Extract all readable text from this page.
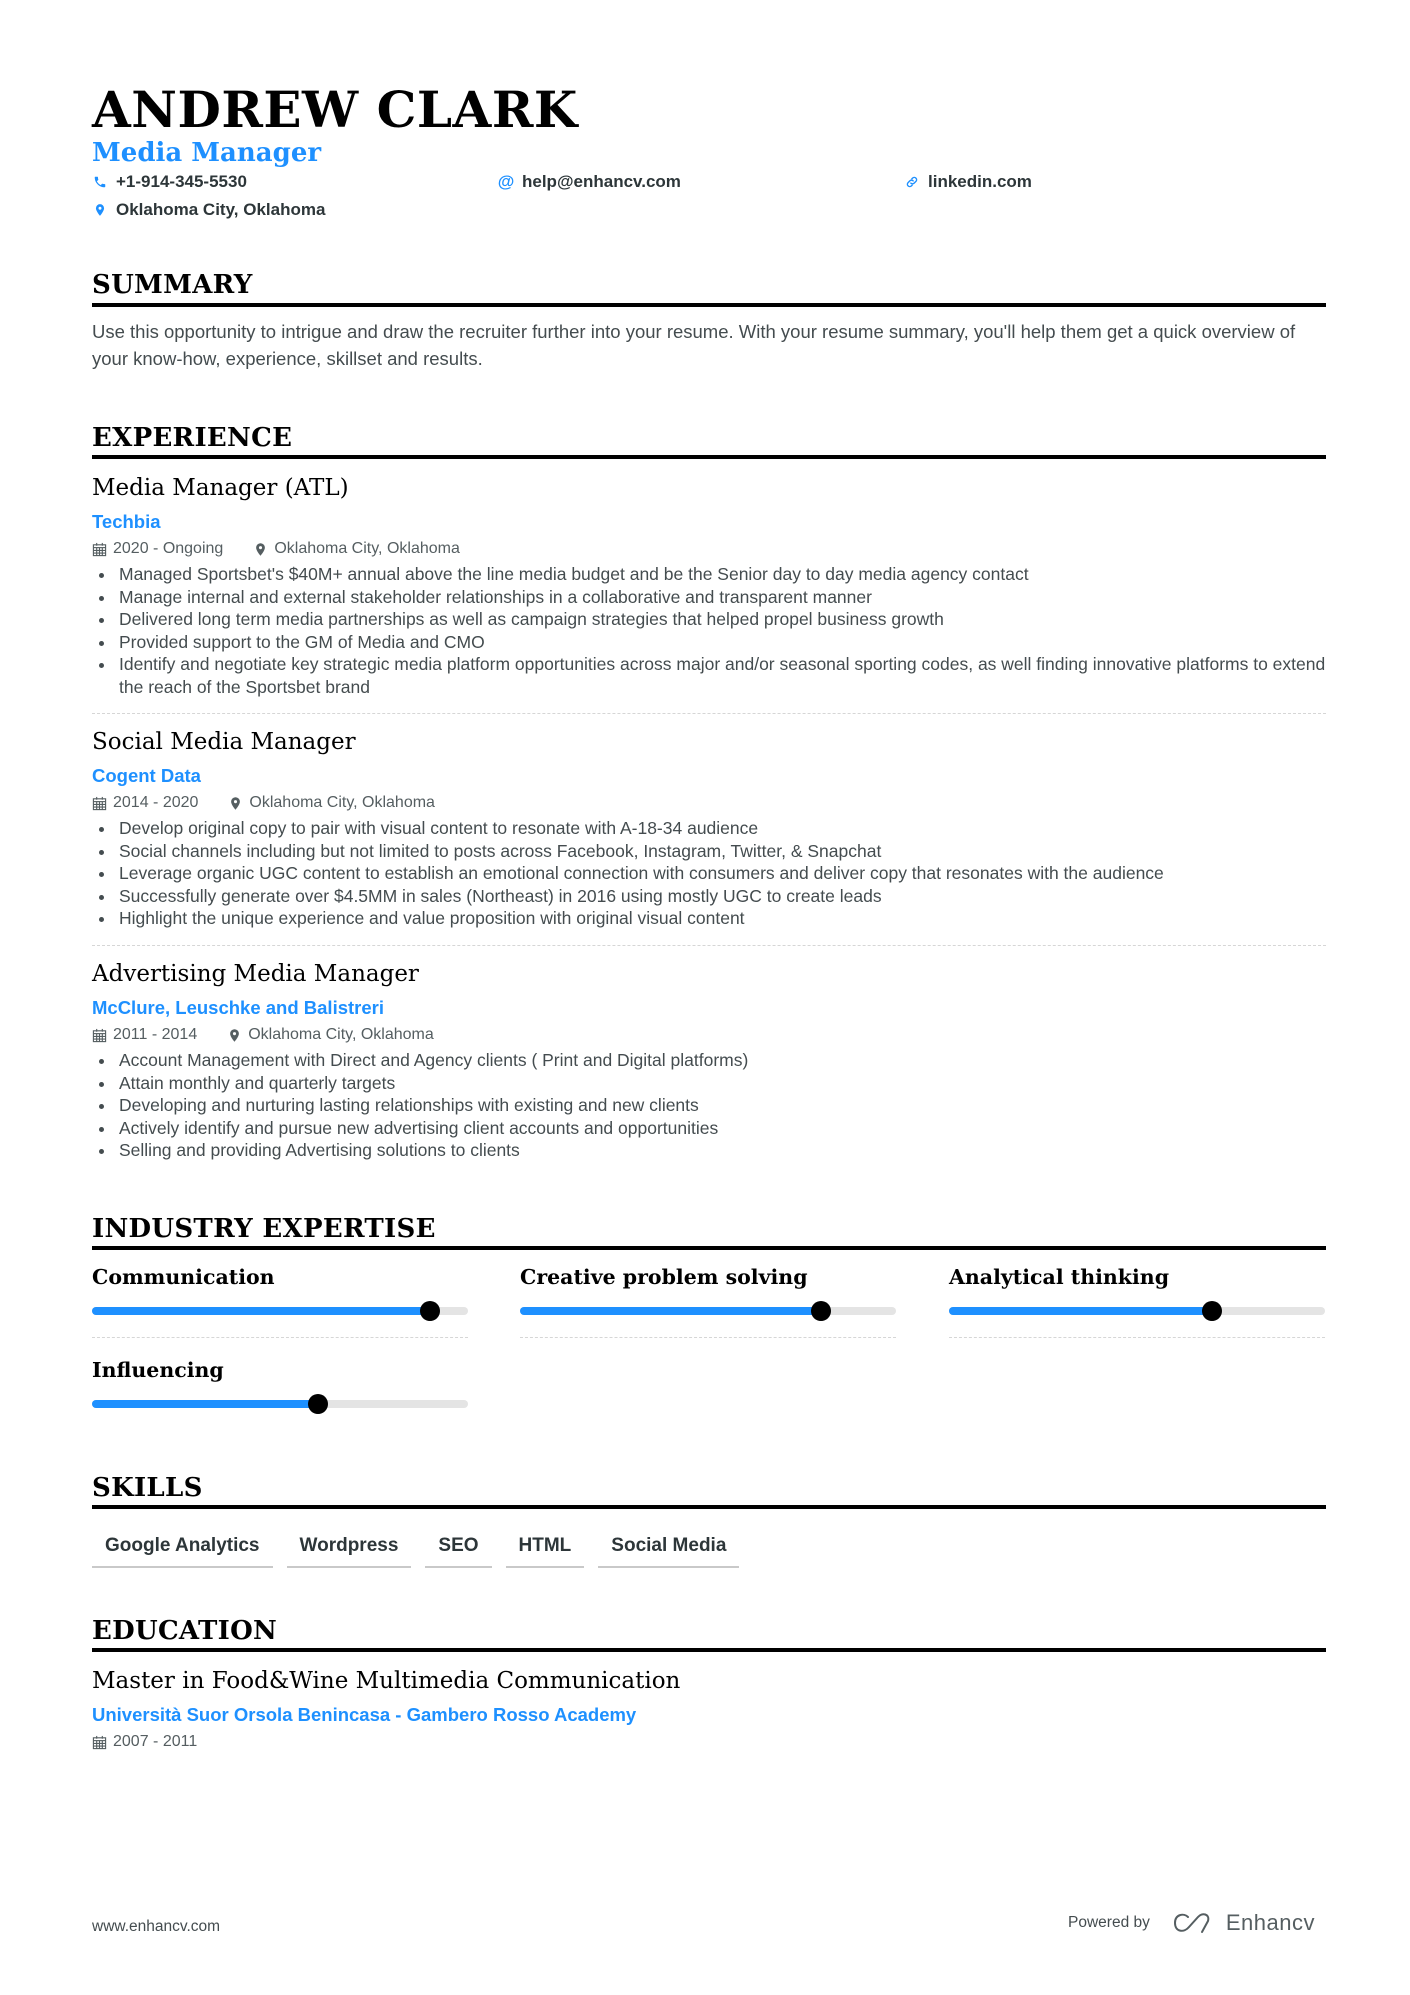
ANDREW CLARK
Media Manager
+1-914-345-5530	@ help@enhancv.com	linkedin.com
Oklahoma City, Oklahoma
SUMMARY
Use this opportunity to intrigue and draw the recruiter further into your resume. With your resume summary, you'll help them get a quick overview of your know-how, experience, skillset and results.
EXPERIENCE
Media Manager (ATL)
Techbia
2020 - Ongoing	Oklahoma City, Oklahoma
Managed Sportsbet's $40M+ annual above the line media budget and be the Senior day to day media agency contact
Manage internal and external stakeholder relationships in a collaborative and transparent manner
Delivered long term media partnerships as well as campaign strategies that helped propel business growth
Provided support to the GM of Media and CMO
Identify and negotiate key strategic media platform opportunities across major and/or seasonal sporting codes, as well finding innovative platforms to extend the reach of the Sportsbet brand
Social Media Manager
Cogent Data
2014 - 2020	Oklahoma City, Oklahoma
Develop original copy to pair with visual content to resonate with A-18-34 audience
Social channels including but not limited to posts across Facebook, Instagram, Twitter, & Snapchat
Leverage organic UGC content to establish an emotional connection with consumers and deliver copy that resonates with the audience
Successfully generate over $4.5MM in sales (Northeast) in 2016 using mostly UGC to create leads
Highlight the unique experience and value proposition with original visual content
Advertising Media Manager
McClure, Leuschke and Balistreri
2011 - 2014	Oklahoma City, Oklahoma
Account Management with Direct and Agency clients ( Print and Digital platforms)
Attain monthly and quarterly targets
Developing and nurturing lasting relationships with existing and new clients
Actively identify and pursue new advertising client accounts and opportunities
Selling and providing Advertising solutions to clients
INDUSTRY EXPERTISE
Communication	Creative problem solving	Analytical thinking
Influencing
SKILLS
Google Analytics	Wordpress	SEO	HTML	Social Media
EDUCATION
Master in Food&Wine Multimedia Communication
Università Suor Orsola Benincasa - Gambero Rosso Academy
2007 - 2011
www.enhancv.com	Powered by	Enhancv
